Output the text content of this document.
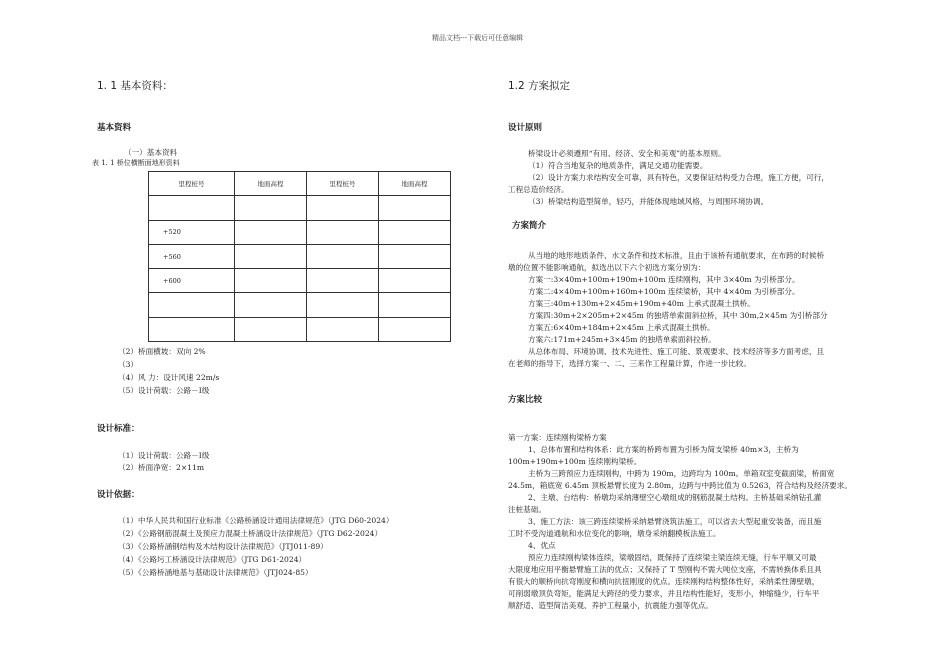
精品文档---下载后可任意编辑
1. 1 基本资料：
基本资料
（一）基本资料
表 1. 1 桥位横断面地形资料
里程桩号	地面高程	里程桩号	地面高程

+520			
+560			
+600			

（2）桥面横坡：双向 2%
（3）
（4）风 力：设计风速 22m/s
（5）设计荷载：公路－Ⅰ级
设计标准：
（1）设计荷载：公路－Ⅰ级
（2）桥面净宽：2×11m
设计依据：
（1）中华人民共和国行业标准《公路桥涵设计通用法律规范》（JTG D60-2024）
（2）《公路钢筋混凝土及预应力混凝土桥涵设计法律规范》（JTG D62-2024）
（3）《公路桥涵钢结构及木结构设计法律规范》（JTJ011-89）
（4）《公路圬工桥涵设计法律规范》（JTG D61-2024）
（5）《公路桥涵地基与基础设计法律规范》（JTJ024-85）
1.2 方案拟定
设计原则
桥梁设计必须遵照“有用、经济、安全和美观”的基本原则。
（1）符合当地复杂的地质条件，满足交通功能需要。
（2）设计方案力求结构安全可靠，具有特色，又要保证结构受力合理，施工方便，可行，
工程总造价经济。
（3）桥梁结构造型简单，轻巧，并能体现地域风格，与周围环境协调。
方案简介
从当地的地形地质条件、水文条件和技术标准，且由于该桥有通航要求，在布跨的时候桥
墩的位置不能影响通航，拟选出以下六个初选方案分别为：
方案一:3×40m+100m+190m+100m 连续刚构，其中 3×40m 为引桥部分。
方案二:4×40m+100m+160m+100m 连续梁桥，其中 4×40m 为引桥部分。
方案三:40m+130m+2×45m+190m+40m 上承式混凝土拱桥。
方案四:30m+2×205m+2×45m 的独塔单索面斜拉桥，其中 30m,2×45m 为引桥部分
方案五:6×40m+184m+2×45m 上承式混凝土拱桥。
方案六:171m+245m+3×45m 的独塔单索面斜拉桥。
从总体布局、环境协调、技术先进性、施工可能、景观要求、技术经济等多方面考虑，且
在老师的指导下，选择方案一、二、三来作工程量计算，作进一步比较。
方案比较
第一方案：连续刚构梁桥方案
1、总体布置和结构体系：此方案的桥跨布置为引桥为简支梁桥 40m×3，主桥为
100m+190m+100m 连续刚构梁桥。
主桥为三跨预应力连续刚构，中跨为 190m，边跨均为 100m。单箱双室变截面梁，桥面宽
24.5m，箱底宽 6.45m 顶板悬臂长度为 2.80m，边跨与中跨比值为 0.5263，符合结构及经济要求。
2、主墩、台结构：桥墩均采纳薄壁空心墩组成的钢筋混凝土结构。主桥基础采纳钻孔灌
注桩基础。
3、施工方法：该三跨连续梁桥采纳悬臂浇筑法施工，可以省去大型起重安装备，而且施
工时不受沟道通航和水位变化的影响，墩身采纳翻模板法施工。
4、优点
预应力连续刚构梁体连续，梁墩固结，既保持了连续梁主梁连续无缝，行车平顺又可最
大限度地应用平衡悬臂施工法的优点；又保持了 T 型刚构不需大吨位支座，不需转换体系且具
有很大的顺桥向抗弯刚度和横向抗扭刚度的优点。连续刚构结构整体性好，采纳柔性薄壁墩，
可削弱墩顶负弯矩，能满足大跨径的受力要求，并且结构性能好，变形小，伸缩缝少，行车平
顺舒适、造型简洁美观、养护工程量小，抗震能力强等优点。
